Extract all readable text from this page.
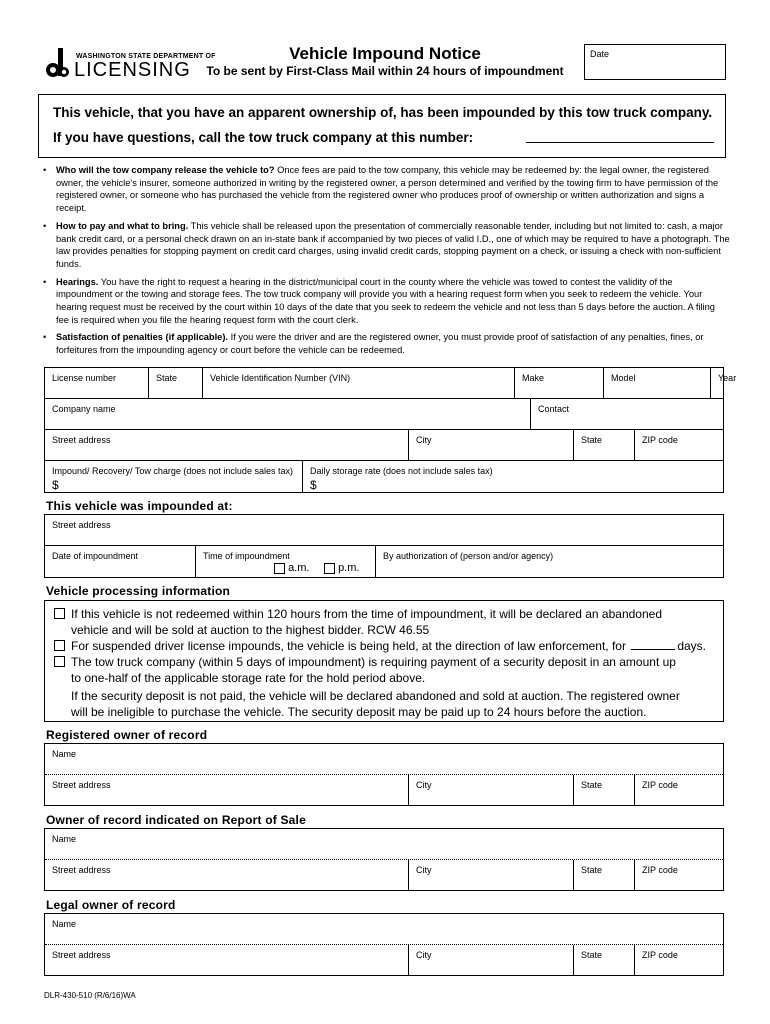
WASHINGTON STATE DEPARTMENT OF
LICENSING
Vehicle Impound Notice
To be sent by First-Class Mail within 24 hours of impoundment
Date
This vehicle, that you have an apparent ownership of, has been impounded by this tow truck company.
If you have questions, call the tow truck company at this number:
• Who will the tow company release the vehicle to? Once fees are paid to the tow company, this vehicle may be redeemed by: the legal owner, the registered owner, the vehicle's insurer, someone authorized in writing by the registered owner, a person determined and verified by the towing firm to have permission of the registered owner, or someone who has purchased the vehicle from the registered owner who produces proof of ownership or written authorization and signs a receipt.
• How to pay and what to bring. This vehicle shall be released upon the presentation of commercially reasonable tender, including but not limited to: cash, a major bank credit card, or a personal check drawn on an in-state bank if accompanied by two pieces of valid I.D., one of which may be required to have a photograph. The law provides penalties for stopping payment on credit card charges, using invalid credit cards, stopping payment on a check, or issuing a check with non-sufficient funds.
• Hearings. You have the right to request a hearing in the district/municipal court in the county where the vehicle was towed to contest the validity of the impoundment or the towing and storage fees. The tow truck company will provide you with a hearing request form when you seek to redeem the vehicle. Your hearing request must be received by the court within 10 days of the date that you seek to redeem the vehicle and not less than 5 days before the auction. A filing fee is required when you file the hearing request form with the court clerk.
• Satisfaction of penalties (if applicable). If you were the driver and are the registered owner, you must provide proof of satisfaction of any penalties, fines, or forfeitures from the impounding agency or court before the vehicle can be redeemed.
License number	State	Vehicle Identification Number (VIN)	Make	Model	Year
Company name	Contact
Street address	City	State	ZIP code
Impound/ Recovery/ Tow charge (does not include sales tax)
$
Daily storage rate (does not include sales tax)
$
This vehicle was impounded at:
Street address
Date of impoundment	Time of impoundment
a.m.	p.m.
By authorization of (person and/or agency)
Vehicle processing information
If this vehicle is not redeemed within 120 hours from the time of impoundment, it will be declared an abandoned
vehicle and will be sold at auction to the highest bidder. RCW 46.55
For suspended driver license impounds, the vehicle is being held, at the direction of law enforcement, for	days.
The tow truck company (within 5 days of impoundment) is requiring payment of a security deposit in an amount up
to one-half of the applicable storage rate for the hold period above.
If the security deposit is not paid, the vehicle will be declared abandoned and sold at auction. The registered owner
will be ineligible to purchase the vehicle. The security deposit may be paid up to 24 hours before the auction.
Registered owner of record
Name
Street address	City	State	ZIP code
Owner of record indicated on Report of Sale
Name
Street address	City	State	ZIP code
Legal owner of record
Name
Street address	City	State	ZIP code
DLR-430-510 (R/6/16)WA
